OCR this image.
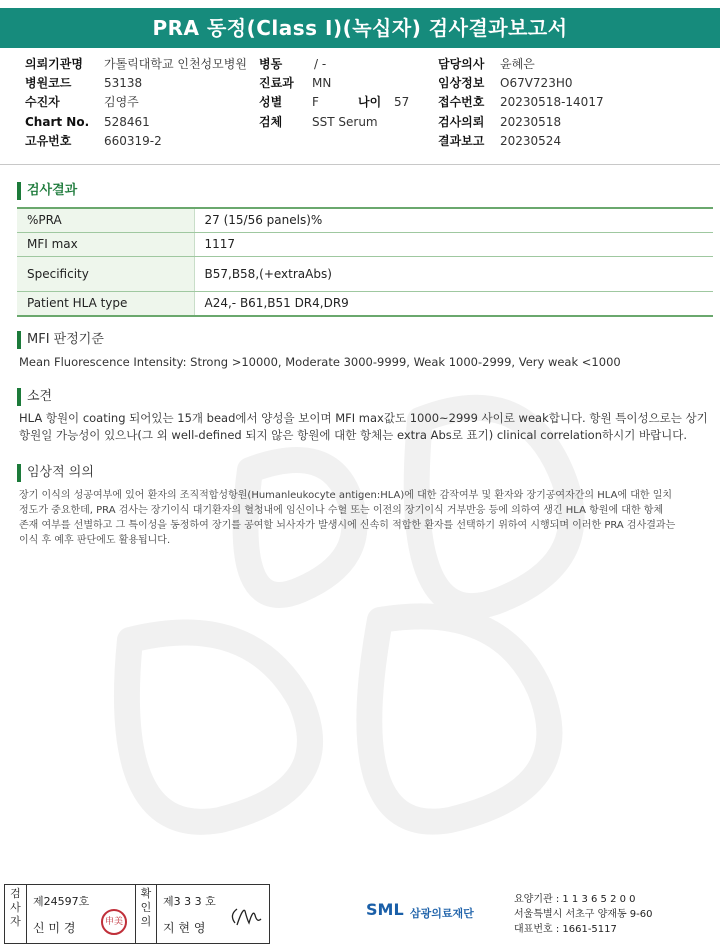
PRA 동정(Class I)(녹십자) 검사결과보고서
의뢰기관명 가톨릭대학교 인천성모병원 병동	/ -	담당의사 윤혜은
병원코드	53138	진료과 MN	임상정보 O67V723H0
수진자	김영주	성별 F	나이 57 접수번호 20230518-14017
Chart No. 528461	검체 SST Serum	검사의뢰 20230518
고유번호	660319-2	결과보고 20230524
검사결과
%PRA	27 (15/56 panels)%
MFI max	1117
Specificity	B57,B58,(+extraAbs)
Patient HLA type	A24,- B61,B51 DR4,DR9
MFI 판정기준
Mean Fluorescence Intensity: Strong >10000, Moderate 3000-9999, Weak 1000-2999, Very weak <1000
소견
HLA 항원이 coating 되어있는 15개 bead에서 양성을 보이며 MFI max값도 1000~2999 사이로 weak합니다. 항원 특이성으로는 상기
항원일 가능성이 있으나(그 외 well-defined 되지 않은 항원에 대한 항체는 extra Abs로 표기) clinical correlation하시기 바랍니다.
임상적 의의
장기 이식의 성공여부에 있어 환자의 조직적합성항원(Humanleukocyte antigen:HLA)에 대한 감작여부 및 환자와 장기공여자간의 HLA에 대한 일치
정도가 중요한데, PRA 검사는 장기이식 대기환자의 혈청내에 임신이나 수혈 또는 이전의 장기이식 거부반응 등에 의하여 생긴 HLA 항원에 대한 항체
존재 여부를 선별하고 그 특이성을 동정하여 장기를 공여할 뇌사자가 발생시에 신속히 적합한 환자를 선택하기 위하여 시행되며 이러한 PRA 검사결과는
이식 후 예후 판단에도 활용됩니다.
검사자
제24597호
신 미 경	申美
확인의
제3 3 3 호
지 현 영
SML 삼광의료재단
요양기관 : 1 1 3 6 5 2 0 0
서울특별시 서초구 양재동 9-60
대표번호 : 1661-5117
